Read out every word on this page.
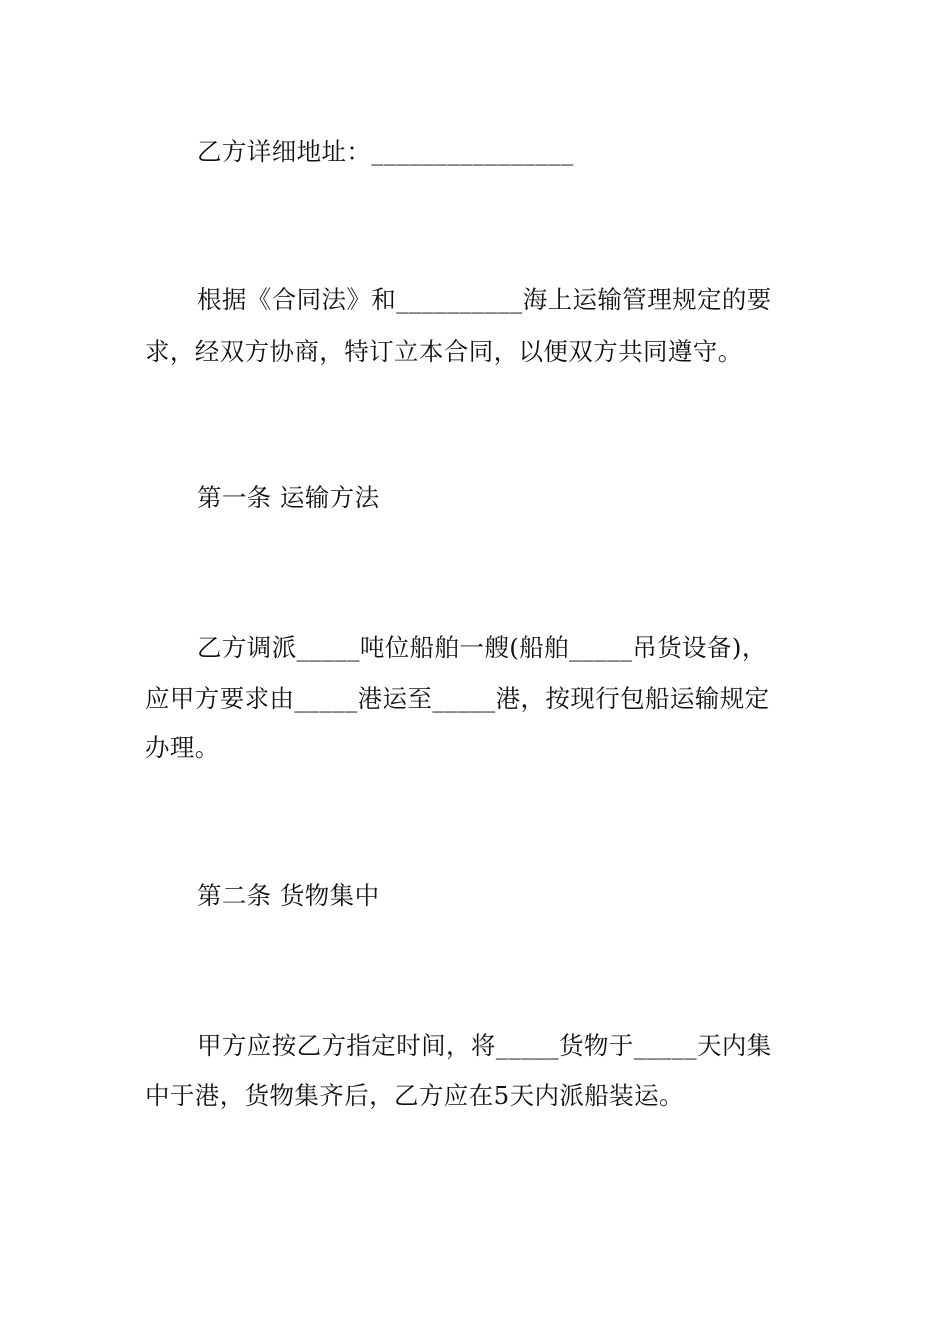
乙方详细地址：________________
根据《合同法》和__________海上运输管理规定的要
求，经双方协商，特订立本合同，以便双方共同遵守。
第一条 运输方法
乙方调派_____吨位船舶一艘(船舶_____吊货设备)，
应甲方要求由_____港运至_____港，按现行包船运输规定
办理。
第二条 货物集中
甲方应按乙方指定时间，将_____货物于_____天内集
中于港，货物集齐后，乙方应在5天内派船装运。
